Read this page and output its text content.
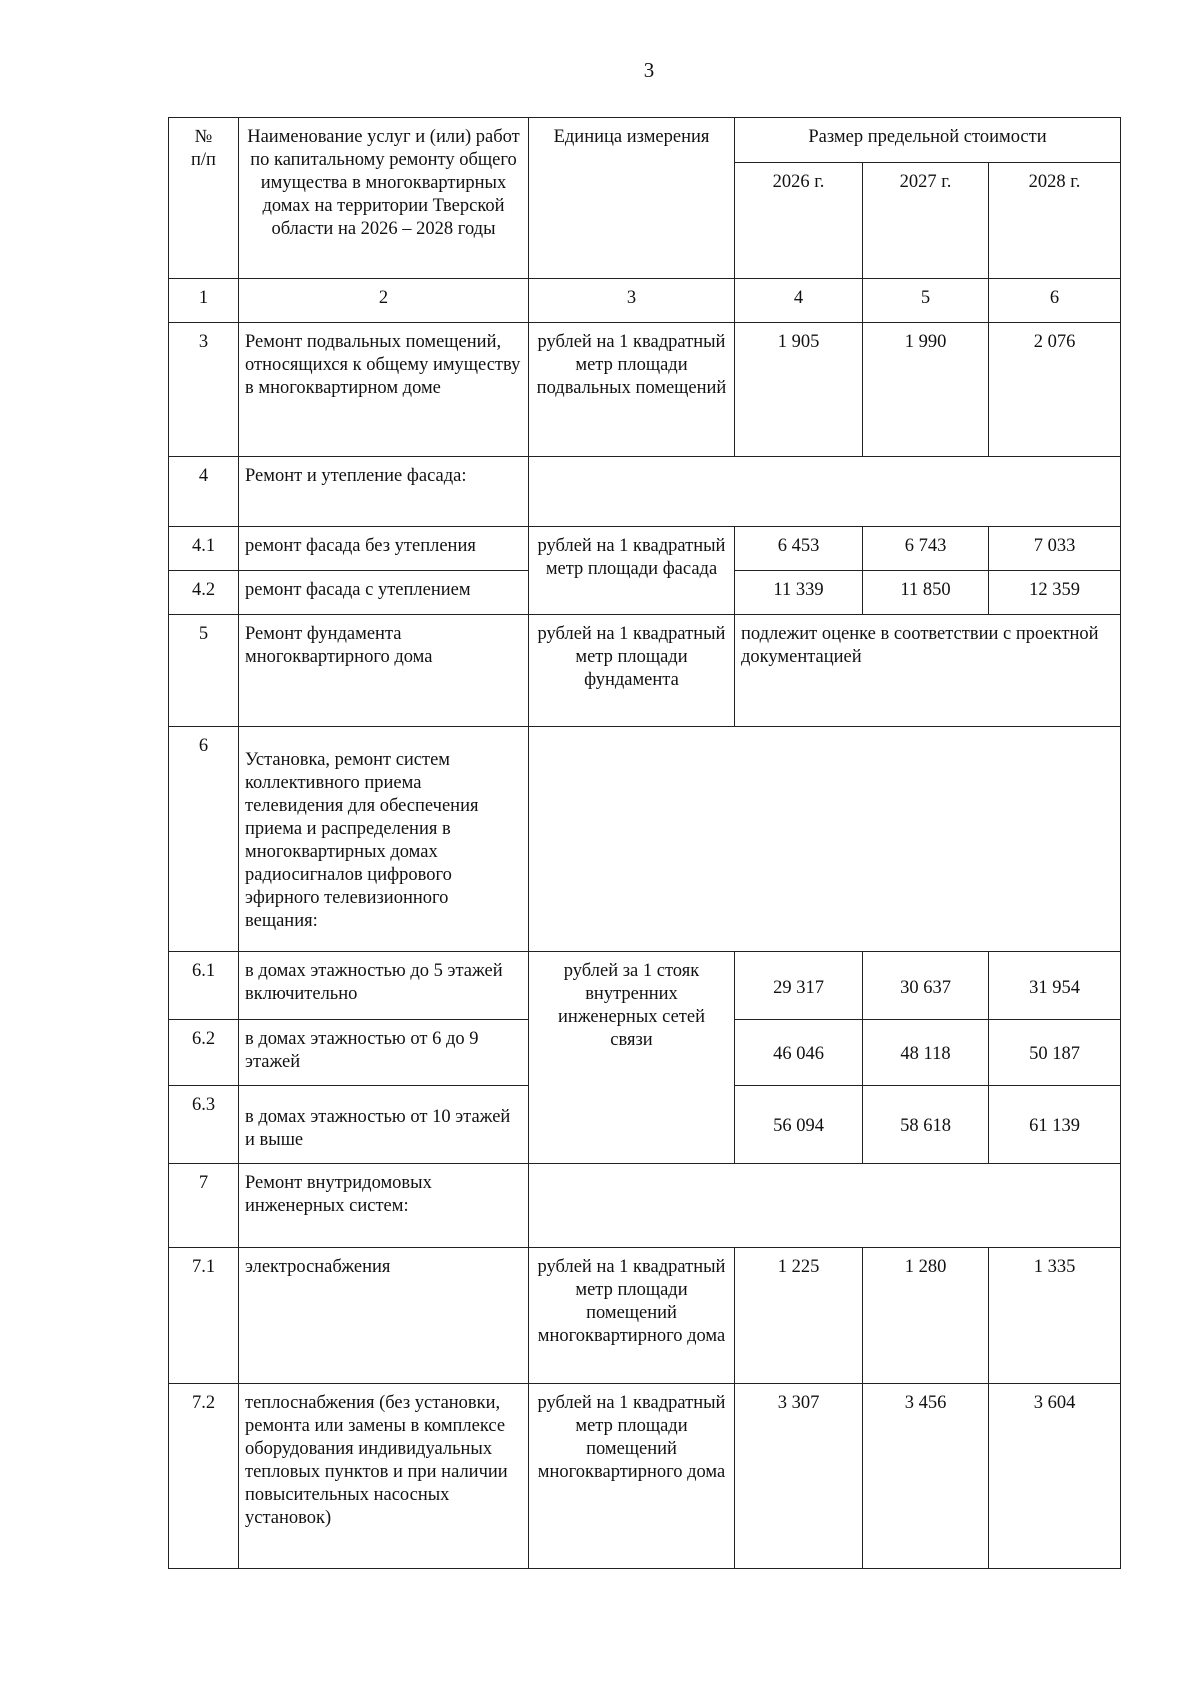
3
№
п/п	Наименование услуг и (или) работ по капитальному ремонту общего имущества в многоквартирных домах на территории Тверской области на 2026 – 2028 годы	Единица измерения	Размер предельной стоимости		
			2026 г.	2027 г.	2028 г.
1	2	3	4	5	6
3	Ремонт подвальных помещений, относящихся к общему имуществу в многоквартирном доме	рублей на 1 квадратный метр площади подвальных помещений	1 905	1 990	2 076
4	Ремонт и утепление фасада:				
4.1	ремонт фасада без утепления	рублей на 1 квадратный метр площади фасада	6 453	6 743	7 033
4.2	ремонт фасада с утеплением		11 339	11 850	12 359
5	Ремонт фундамента многоквартирного дома	рублей на 1 квадратный метр площади фундамента	подлежит оценке в соответствии с проектной документацией		
6	Установка, ремонт систем коллективного приема телевидения для обеспечения приема и распределения в многоквартирных домах радиосигналов цифрового эфирного телевизионного вещания:				
6.1	в домах этажностью до 5 этажей включительно	рублей за 1 стояк внутренних инженерных сетей связи	29 317	30 637	31 954
6.2	в домах этажностью от 6 до 9 этажей		46 046	48 118	50 187
6.3	в домах этажностью от 10 этажей и выше		56 094	58 618	61 139
7	Ремонт внутридомовых инженерных систем:				
7.1	электроснабжения	рублей на 1 квадратный метр площади помещений многоквартирного дома	1 225	1 280	1 335
7.2	теплоснабжения (без установки, ремонта или замены в комплексе оборудования индивидуальных тепловых пунктов и при наличии повысительных насосных установок)	рублей на 1 квадратный метр площади помещений многоквартирного дома	3 307	3 456	3 604
